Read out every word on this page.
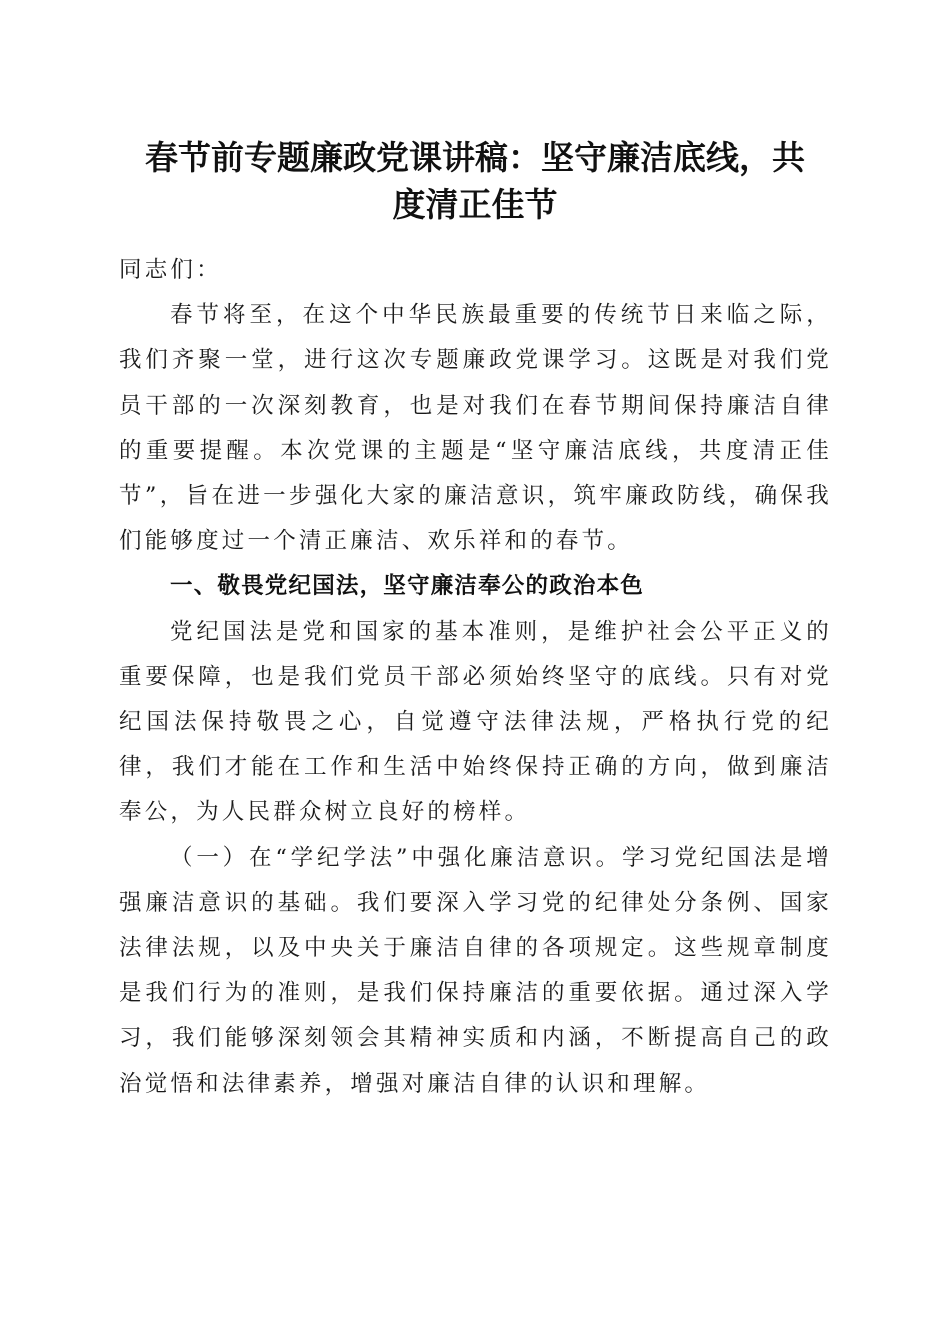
春节前专题廉政党课讲稿：坚守廉洁底线，共
度清正佳节

同志们：

春节将至，在这个中华民族最重要的传统节日来临之际，我们齐聚一堂，进行这次专题廉政党课学习。这既是对我们党员干部的一次深刻教育，也是对我们在春节期间保持廉洁自律的重要提醒。本次党课的主题是“坚守廉洁底线，共度清正佳节”，旨在进一步强化大家的廉洁意识，筑牢廉政防线，确保我们能够度过一个清正廉洁、欢乐祥和的春节。

一、敬畏党纪国法，坚守廉洁奉公的政治本色

党纪国法是党和国家的基本准则，是维护社会公平正义的重要保障，也是我们党员干部必须始终坚守的底线。只有对党纪国法保持敬畏之心，自觉遵守法律法规，严格执行党的纪律，我们才能在工作和生活中始终保持正确的方向，做到廉洁奉公，为人民群众树立良好的榜样。

（一）在“学纪学法”中强化廉洁意识。学习党纪国法是增强廉洁意识的基础。我们要深入学习党的纪律处分条例、国家法律法规，以及中央关于廉洁自律的各项规定。这些规章制度是我们行为的准则，是我们保持廉洁的重要依据。通过深入学习，我们能够深刻领会其精神实质和内涵，不断提高自己的政治觉悟和法律素养，增强对廉洁自律的认识和理解。
